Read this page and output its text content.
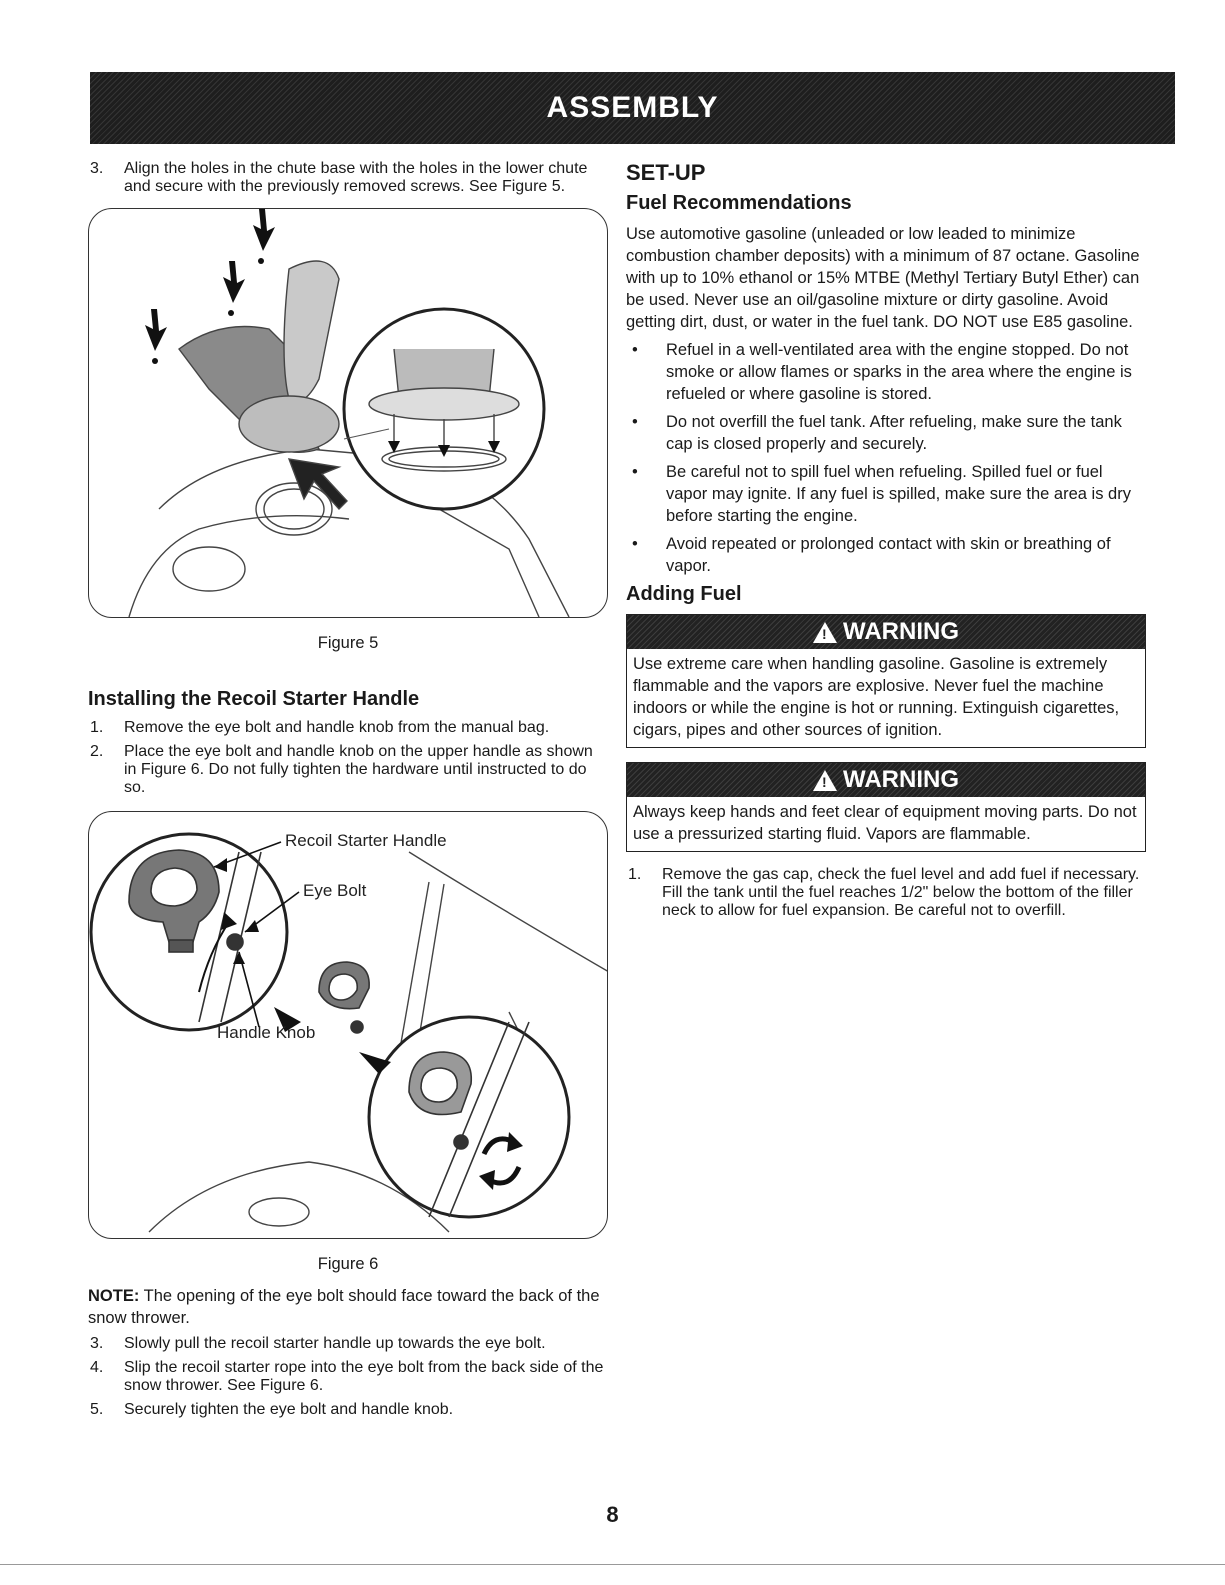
ASSEMBLY
3.	Align the holes in the chute base with the holes in the lower chute and secure with the previously removed screws. See Figure 5.

Figure 5

Installing the Recoil Starter Handle
1.	Remove the eye bolt and handle knob from the manual bag.
2.	Place the eye bolt and handle knob on the upper handle as shown in Figure 6. Do not fully tighten the hardware until instructed to do so.
Recoil Starter Handle
Eye Bolt
Handle Knob

Figure 6

NOTE: The opening of the eye bolt should face toward the back of the snow thrower.

3.	Slowly pull the recoil starter handle up towards the eye bolt.
4.	Slip the recoil starter rope into the eye bolt from the back side of the snow thrower. See Figure 6.
5.	Securely tighten the eye bolt and handle knob.
SET-UP
Fuel Recommendations

Use automotive gasoline (unleaded or low leaded to minimize combustion chamber deposits) with a minimum of 87 octane. Gasoline with up to 10% ethanol or 15% MTBE (Methyl Tertiary Butyl Ether) can be used. Never use an oil/gasoline mixture or dirty gasoline. Avoid getting dirt, dust, or water in the fuel tank. DO NOT use E85 gasoline.

•	Refuel in a well-ventilated area with the engine stopped. Do not smoke or allow flames or sparks in the area where the engine is refueled or where gasoline is stored.
•	Do not overfill the fuel tank. After refueling, make sure the tank cap is closed properly and securely.
•	Be careful not to spill fuel when refueling. Spilled fuel or fuel vapor may ignite. If any fuel is spilled, make sure the area is dry before starting the engine.
•	Avoid repeated or prolonged contact with skin or breathing of vapor.
Adding Fuel
! WARNING
Use extreme care when handling gasoline. Gasoline is extremely flammable and the vapors are explosive. Never fuel the machine indoors or while the engine is hot or running. Extinguish cigarettes, cigars, pipes and other sources of ignition.
! WARNING
Always keep hands and feet clear of equipment moving parts. Do not use a pressurized starting fluid. Vapors are flammable.
1.	Remove the gas cap, check the fuel level and add fuel if necessary. Fill the tank until the fuel reaches 1/2" below the bottom of the filler neck to allow for fuel expansion. Be careful not to overfill.
8
